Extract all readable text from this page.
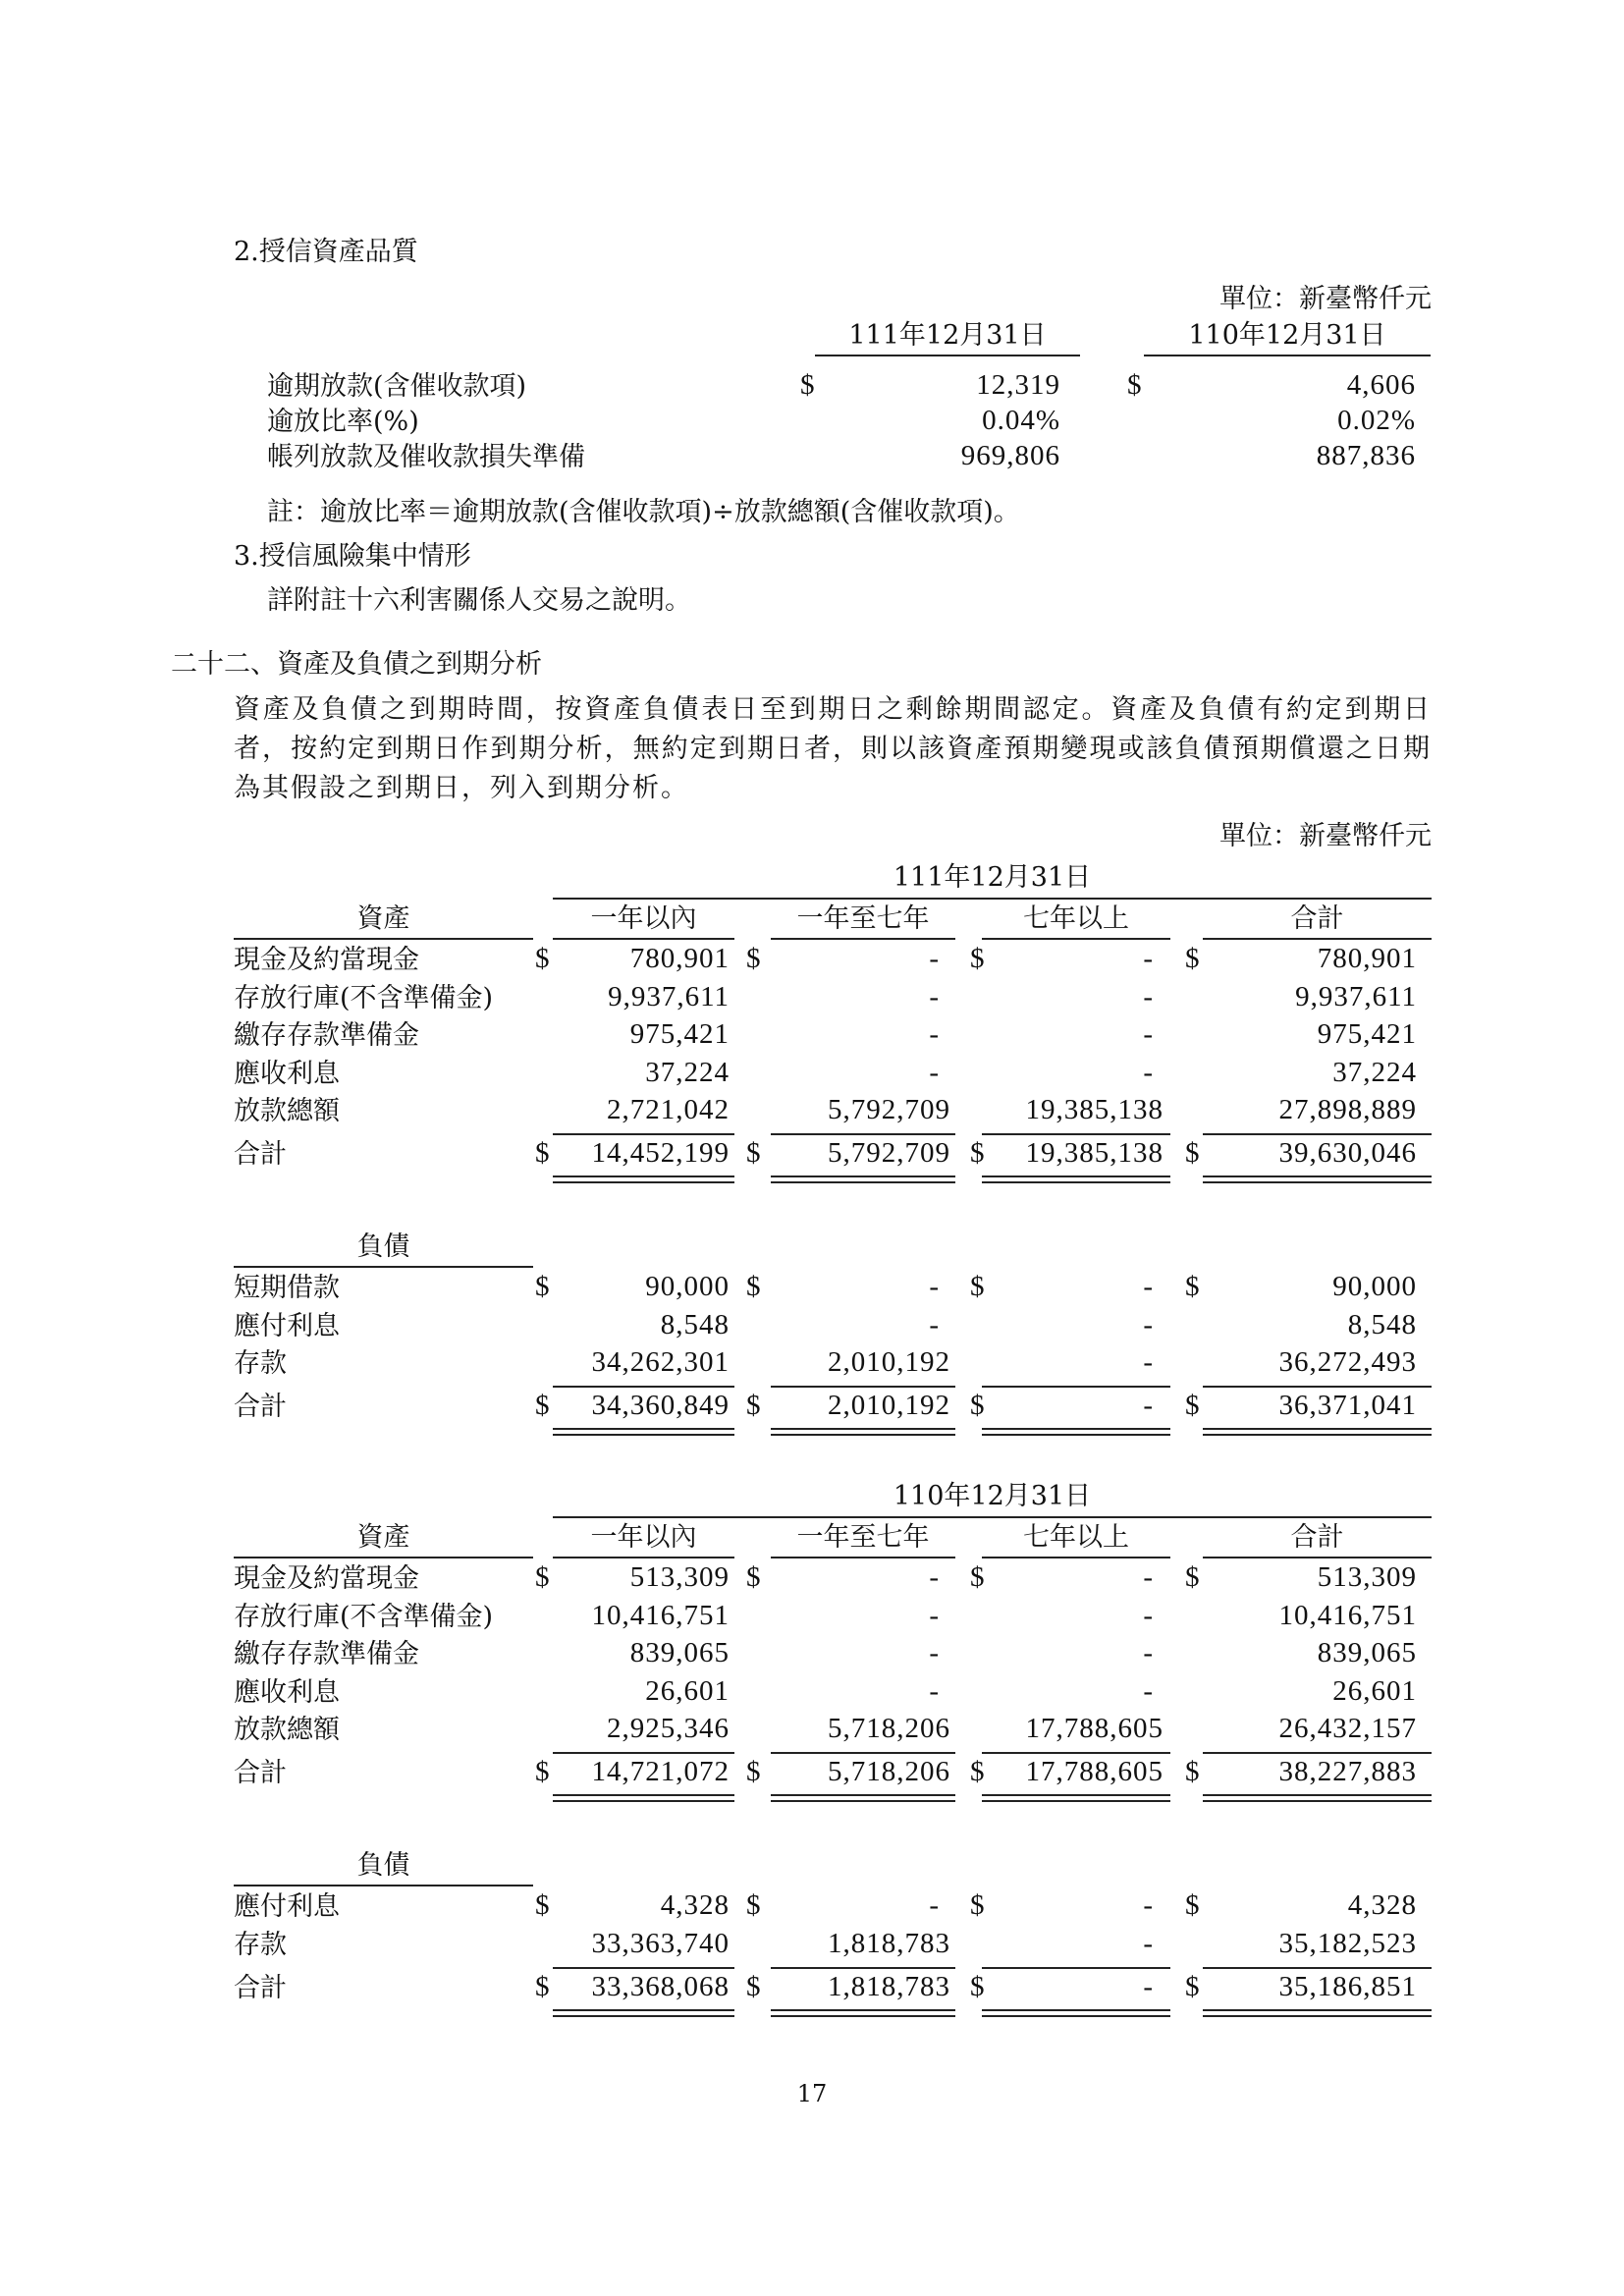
2.授信資產品質
單位：新臺幣仟元
111年12月31日	110年12月31日
逾期放款(含催收款項)	$	12,319 $	4,606
逾放比率(%)	0.04%	0.02%
帳列放款及催收款損失準備	969,806	887,836
註：逾放比率＝逾期放款(含催收款項)÷放款總額(含催收款項)。
3.授信風險集中情形
詳附註十六利害關係人交易之說明。
二十二、資產及負債之到期分析
資產及負債之到期時間，按資產負債表日至到期日之剩餘期間認定。資產及負債有約定到期日者，按約定到期日作到期分析，無約定到期日者，則以該資產預期變現或該負債預期償還之日期為其假設之到期日，列入到期分析。
單位：新臺幣仟元
111年12月31日
資產	一年以內	一年至七年	七年以上	合計
現金及約當現金	$	780,901 $	- $	- $	780,901
存放行庫(不含準備金)	9,937,611	-	-	9,937,611
繳存存款準備金	975,421	-	-	975,421
應收利息	37,224	-	-	37,224
放款總額	2,721,042	5,792,709	19,385,138	27,898,889
合計	$	14,452,199 $	5,792,709 $	19,385,138 $	39,630,046
負債
短期借款	$	90,000 $	- $	- $	90,000
應付利息	8,548	-	-	8,548
存款	34,262,301	2,010,192	-	36,272,493
合計	$	34,360,849 $	2,010,192 $	- $	36,371,041
110年12月31日
資產	一年以內	一年至七年	七年以上	合計
現金及約當現金	$	513,309 $	- $	- $	513,309
存放行庫(不含準備金)	10,416,751	-	-	10,416,751
繳存存款準備金	839,065	-	-	839,065
應收利息	26,601	-	-	26,601
放款總額	2,925,346	5,718,206	17,788,605	26,432,157
合計	$	14,721,072 $	5,718,206 $	17,788,605 $	38,227,883
負債
應付利息	$	4,328 $	- $	- $	4,328
存款	33,363,740	1,818,783	-	35,182,523
合計	$	33,368,068 $	1,818,783 $	- $	35,186,851
17
